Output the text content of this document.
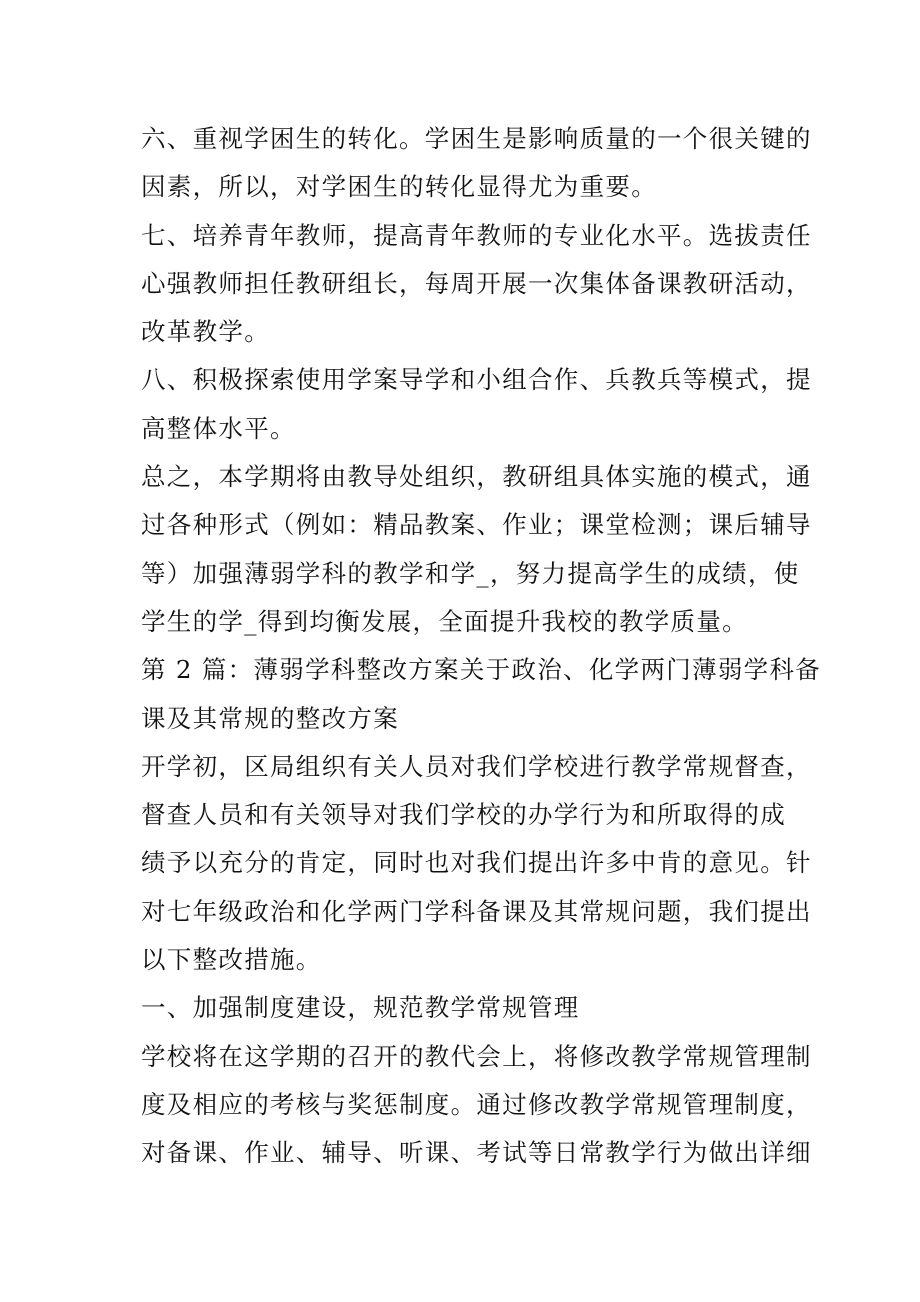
六、重视学困生的转化。学困生是影响质量的一个很关键的
因素，所以，对学困生的转化显得尤为重要。
七、培养青年教师，提高青年教师的专业化水平。选拔责任
心强教师担任教研组长，每周开展一次集体备课教研活动，
改革教学。
八、积极探索使用学案导学和小组合作、兵教兵等模式，提
高整体水平。
总之，本学期将由教导处组织，教研组具体实施的模式，通
过各种形式（例如：精品教案、作业；课堂检测；课后辅导
等）加强薄弱学科的教学和学_，努力提高学生的成绩，使
学生的学_得到均衡发展，全面提升我校的教学质量。
第 2 篇：薄弱学科整改方案关于政治、化学两门薄弱学科备
课及其常规的整改方案
开学初，区局组织有关人员对我们学校进行教学常规督查，
督查人员和有关领导对我们学校的办学行为和所取得的成
绩予以充分的肯定，同时也对我们提出许多中肯的意见。针
对七年级政治和化学两门学科备课及其常规问题，我们提出
以下整改措施。
一、加强制度建设，规范教学常规管理
学校将在这学期的召开的教代会上，将修改教学常规管理制
度及相应的考核与奖惩制度。通过修改教学常规管理制度，
对备课、作业、辅导、听课、考试等日常教学行为做出详细
